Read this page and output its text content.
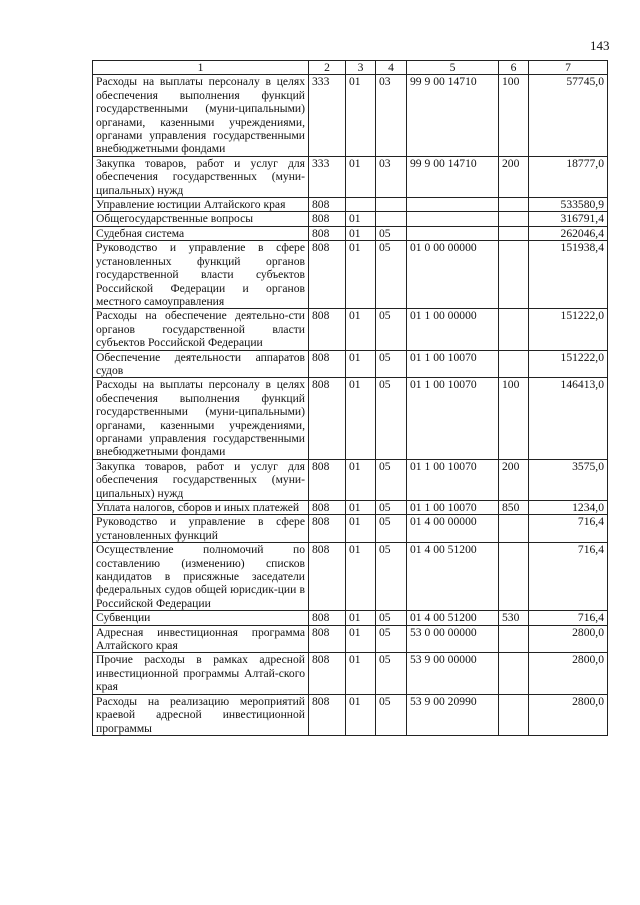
143
1	2	3	4	5	6	7
Расходы на выплаты персоналу в целях обеспечения выполнения функций государственными (муни-ципальными) органами, казенными учреждениями, органами управления государственными внебюджетными фондами	333	01	03	99 9 00 14710	100	57745,0
Закупка товаров, работ и услуг для обеспечения государственных (муни-ципальных) нужд	333	01	03	99 9 00 14710	200	18777,0
Управление юстиции Алтайского края	808					533580,9
Общегосударственные вопросы	808	01				316791,4
Судебная система	808	01	05			262046,4
Руководство и управление в сфере установленных функций органов государственной власти субъектов Российской Федерации и органов местного самоуправления	808	01	05	01 0 00 00000		151938,4
Расходы на обеспечение деятельно-сти органов государственной власти субъектов Российской Федерации	808	01	05	01 1 00 00000		151222,0
Обеспечение деятельности аппаратов судов	808	01	05	01 1 00 10070		151222,0
Расходы на выплаты персоналу в целях обеспечения выполнения функций государственными (муни-ципальными) органами, казенными учреждениями, органами управления государственными внебюджетными фондами	808	01	05	01 1 00 10070	100	146413,0
Закупка товаров, работ и услуг для обеспечения государственных (муни-ципальных) нужд	808	01	05	01 1 00 10070	200	3575,0
Уплата налогов, сборов и иных платежей	808	01	05	01 1 00 10070	850	1234,0
Руководство и управление в сфере установленных функций	808	01	05	01 4 00 00000		716,4
Осуществление полномочий по составлению (изменению) списков кандидатов в присяжные заседатели федеральных судов общей юрисдик-ции в Российской Федерации	808	01	05	01 4 00 51200		716,4
Субвенции	808	01	05	01 4 00 51200	530	716,4
Адресная инвестиционная программа Алтайского края	808	01	05	53 0 00 00000		2800,0
Прочие расходы в рамках адресной инвестиционной программы Алтай-ского края	808	01	05	53 9 00 00000		2800,0
Расходы на реализацию мероприятий краевой адресной инвестиционной программы	808	01	05	53 9 00 20990		2800,0
